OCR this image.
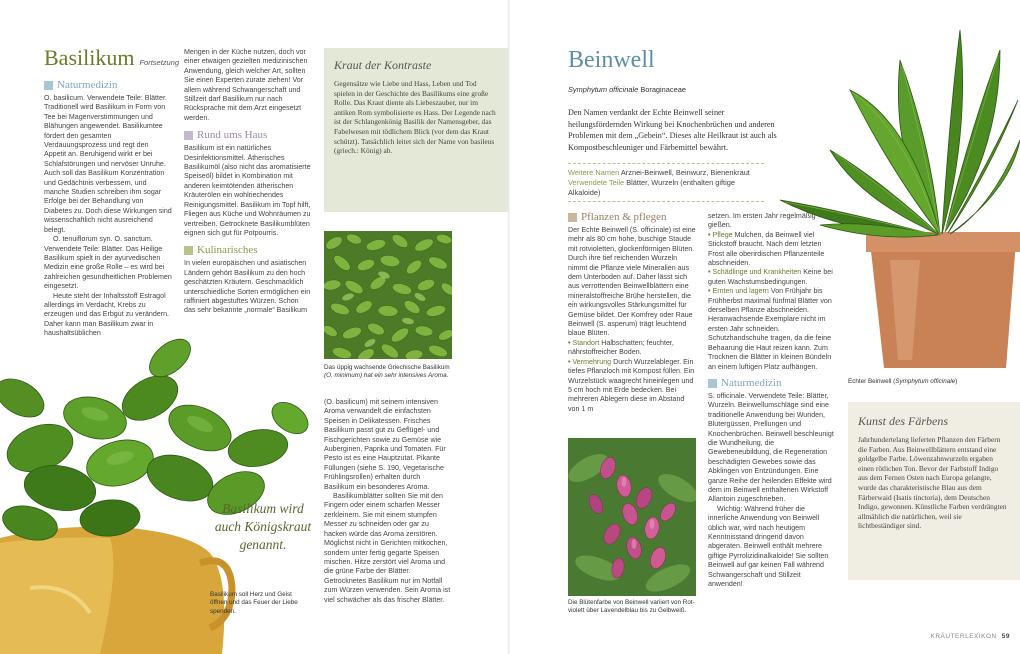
Basilikum Fortsetzung
Naturmedizin

O. basilicum. Verwendete Teile: Blätter. Traditionell wird Basilikum in Form von Tee bei Magenverstimmungen und Blähungen angewendet. Basilikumtee fördert den gesamten Verdauungsprozess und regt den Appetit an. Beruhigend wirkt er bei Schlafstörungen und nervöser Unruhe. Auch soll das Basilikum Konzentration und Gedächtnis verbessern, und manche Studien schreiben ihm sogar Erfolge bei der Behandlung von Diabetes zu. Doch diese Wirkungen sind wissenschaftlich nicht ausreichend belegt.

O. tenuiflorum syn. O. sanctum. Verwendete Teile: Blätter. Das Heilige Basilikum spielt in der ayurvedischen Medizin eine große Rolle – es wird bei zahlreichen gesundheitlichen Problemen eingesetzt.

Heute steht der Inhaltsstoff Estragol allerdings im Verdacht, Krebs zu erzeugen und das Erbgut zu verändern. Daher kann man Basilikum zwar in haushaltsüblichen

Mengen in der Küche nutzen, doch vor einer etwaigen gezielten medizinischen Anwendung, gleich welcher Art, sollten Sie einen Experten zurate ziehen! Vor allem während Schwangerschaft und Stillzeit darf Basilikum nur nach Rücksprache mit dem Arzt eingesetzt werden.

Rund ums Haus

Basilikum ist ein natürliches Desinfektionsmittel. Ätherisches Basilikumöl (also nicht das aromatisierte Speiseöl) bildet in Kombination mit anderen keimtötenden ätherischen Kräuterölen ein wohlriechendes Reinigungsmittel. Basilikum im Topf hilft, Fliegen aus Küche und Wohnräumen zu vertreiben. Getrocknete Basilikumblüten eignen sich gut für Potpourris.

Kulinarisches

In vielen europäischen und asiatischen Ländern gehört Basilikum zu den hoch geschätzten Kräutern. Geschmacklich unterschiedliche Sorten ermöglichen ein raffiniert abgestuftes Würzen. Schon das sehr bekannte „normale“ Basilikum

Kraut der Kontraste
Gegensätze wie Liebe und Hass, Leben und Tod spielen in der Geschichte des Basilikums eine große Rolle. Das Kraut diente als Liebeszauber, nur im antiken Rom symbolisierte es Hass. Der Legende nach ist der Schlangenkönig Basilik der Namensgeber, das Fabelwesen mit tödlichem Blick (vor dem das Kraut schützt). Tatsächlich leitet sich der Name von basileus (griech.: König) ab.
Das üppig wachsende Griechische Basilikum
(O. minimum) hat ein sehr intensives Aroma.

(O. basilicum) mit seinem intensiven Aroma verwandelt die einfachsten Speisen in Delikatessen. Frisches Basilikum passt gut zu Geflügel- und Fischgerichten sowie zu Gemüse wie Auberginen, Paprika und Tomaten. Für Pesto ist es eine Hauptzutat. Pikante Füllungen (siehe S. 190, Vegetarische Frühlingsrollen) erhalten durch Basilikum ein besonderes Aroma.

Basilikumblätter sollten Sie mit den Fingern oder einem scharfen Messer zerkleinern. Sie mit einem stumpfen Messer zu schneiden oder gar zu hacken würde das Aroma zerstören. Möglichst nicht in Gerichten mitkochen, sondern unter fertig gegarte Speisen mischen. Hitze zerstört viel Aroma und die grüne Farbe der Blätter. Getrocknetes Basilikum nur im Notfall zum Würzen verwenden. Sein Aroma ist viel schwächer als das frischer Blätter.

Basilikum wird auch Königskraut genannt.
Basilikum soll Herz und Geist öffnen und das Feuer der Liebe spenden.
Beinwell
Symphytum officinale Boraginaceae
Den Namen verdankt der Echte Beinwell seiner heilungsfördernden Wirkung bei Knochenbrüchen und anderen Problemen mit dem „Gebein“. Dieses alte Heilkraut ist auch als Kompostbeschleuniger und Färbemittel bewährt.
Weitere Namen Arznei-Beinwell, Beinwurz, Bienenkraut
Verwendete Teile Blätter, Wurzeln (enthalten giftige Alkaloide)
Pflanzen & pflegen

Der Echte Beinwell (S. officinale) ist eine mehr als 80 cm hohe, buschige Staude mit rotvioletten, glockenförmigen Blüten. Durch ihre tief reichenden Wurzeln nimmt die Pflanze viele Mineralien aus dem Unterboden auf. Daher lässt sich aus verrottenden Beinwellblättern eine mineralstoffreiche Brühe herstellen, die ein wirkungsvolles Stärkungsmittel für Gemüse bildet. Der Komfrey oder Raue Beinwell (S. asperum) trägt leuchtend blaue Blüten.

• Standort Halbschatten; feuchter, nährstoffreicher Boden.

• Vermehrung Durch Wurzelableger. Ein tiefes Pflanzloch mit Kompost füllen. Ein Wurzelstück waagrecht hineinlegen und 5 cm hoch mit Erde bedecken. Bei mehreren Ablegern diese im Abstand von 1 m

setzen. Im ersten Jahr regelmäßig gießen.

• Pflege Mulchen, da Beinwell viel Stickstoff braucht. Nach dem letzten Frost alle oberirdischen Pflanzenteile abschneiden.

• Schädlinge und Krankheiten Keine bei guten Wachstumsbedingungen.

• Ernten und lagern Von Frühjahr bis Frühherbst maximal fünfmal Blätter von derselben Pflanze abschneiden. Heranwachsende Exemplare nicht im ersten Jahr schneiden. Schutzhandschuhe tragen, da die feine Behaarung die Haut reizen kann. Zum Trocknen die Blätter in kleinen Bündeln an einem luftigen Platz aufhängen.

Naturmedizin

S. officinale. Verwendete Teile: Blätter, Wurzeln. Beinwellumschläge sind eine traditionelle Anwendung bei Wunden, Blutergüssen, Prellungen und Knochenbrüchen. Beinwell beschleunigt die Wundheilung, die Gewebeneubildung, die Regeneration beschädigten Gewebes sowie das Abklingen von Entzündungen. Eine ganze Reihe der heilenden Effekte wird dem im Beinwell enthaltenen Wirkstoff Allantoin zugeschrieben.

Wichtig: Während früher die innerliche Anwendung von Beinwell üblich war, wird nach heutigem Kenntnisstand dringend davon abgeraten. Beinwell enthält mehrere giftige Pyrrolizidinalkaloide! Sie sollten Beinwell auf gar keinen Fall während Schwangerschaft und Stillzeit anwenden!

Die Blütenfarbe von Beinwell variiert von Rot-
violett über Lavendelblau bis zu Gelbweiß.
Echter Beinwell (Symphytum officinale)
Kunst des Färbens
Jahrhundertelang lieferten Pflanzen den Färbern die Farben. Aus Beinwellblättern entstand eine goldgelbe Farbe. Löwenzahnwurzeln ergaben einen rötlichen Ton. Bevor der Farbstoff Indigo aus dem Fernen Osten nach Europa gelangte, wurde das charakteristische Blau aus dem Färberwaid (Isatis tinctoria), dem Deutschen Indigo, gewonnen. Künstliche Farben verdrängten allmählich die natürlichen, weil sie lichtbeständiger sind.
KRÄUTERLEXIKON 59
